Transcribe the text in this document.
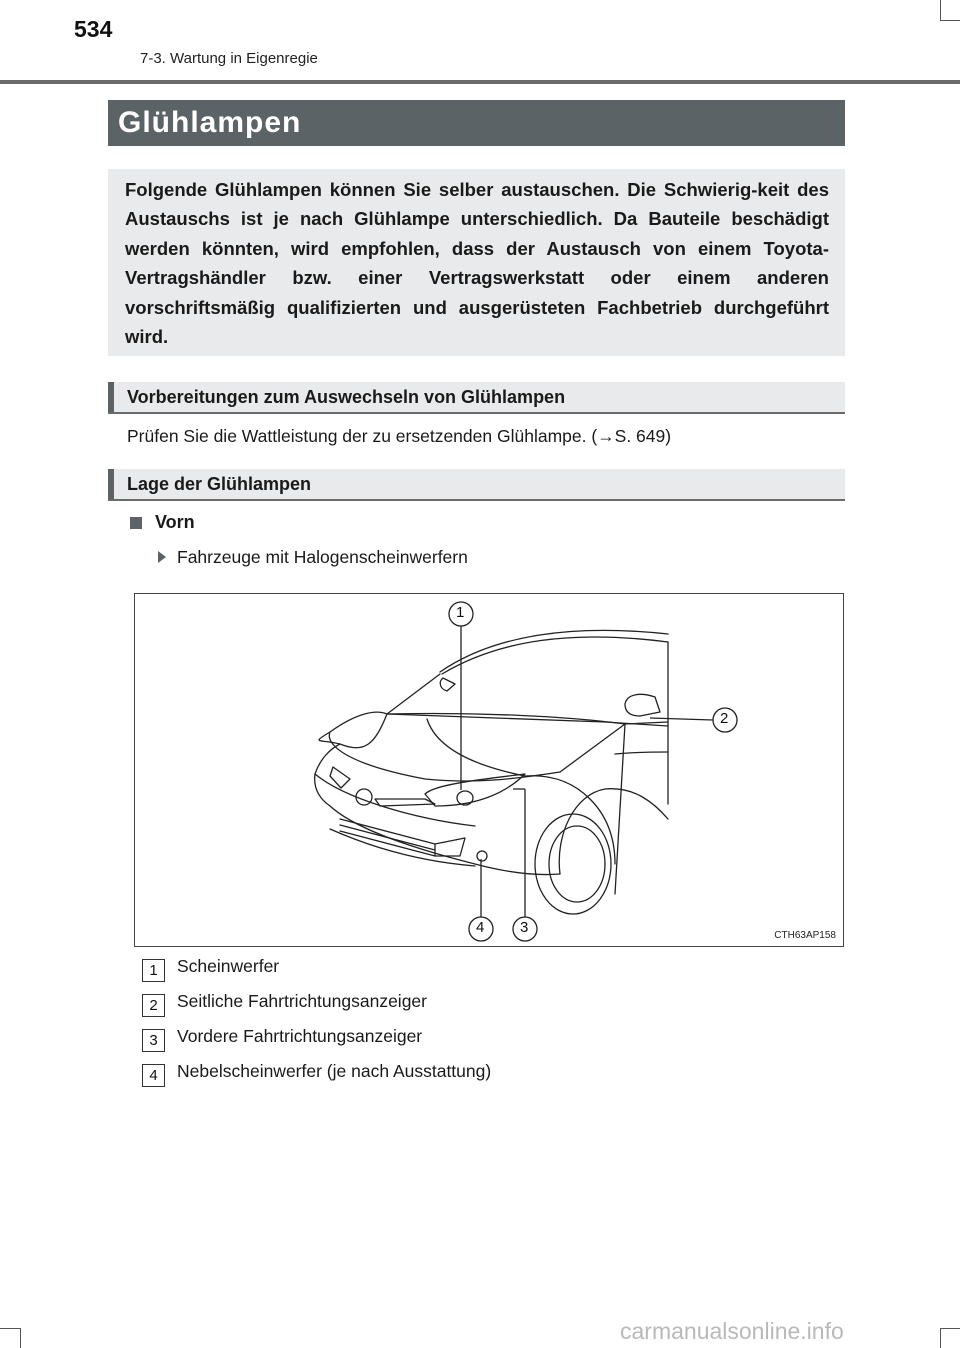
534
7-3. Wartung in Eigenregie
Glühlampen
Folgende Glühlampen können Sie selber austauschen. Die Schwierig-keit des Austauschs ist je nach Glühlampe unterschiedlich. Da Bauteile beschädigt werden könnten, wird empfohlen, dass der Austausch von einem Toyota-Vertragshändler bzw. einer Vertragswerkstatt oder einem anderen vorschriftsmäßig qualifizierten und ausgerüsteten Fachbetrieb durchgeführt wird.
Vorbereitungen zum Auswechseln von Glühlampen
Prüfen Sie die Wattleistung der zu ersetzenden Glühlampe. (→S. 649)
Lage der Glühlampen
Vorn
Fahrzeuge mit Halogenscheinwerfern
1
2
3
4	CTH63AP158
1	Scheinwerfer
2	Seitliche Fahrtrichtungsanzeiger
3	Vordere Fahrtrichtungsanzeiger
4	Nebelscheinwerfer (je nach Ausstattung)
carmanualsonline.info
